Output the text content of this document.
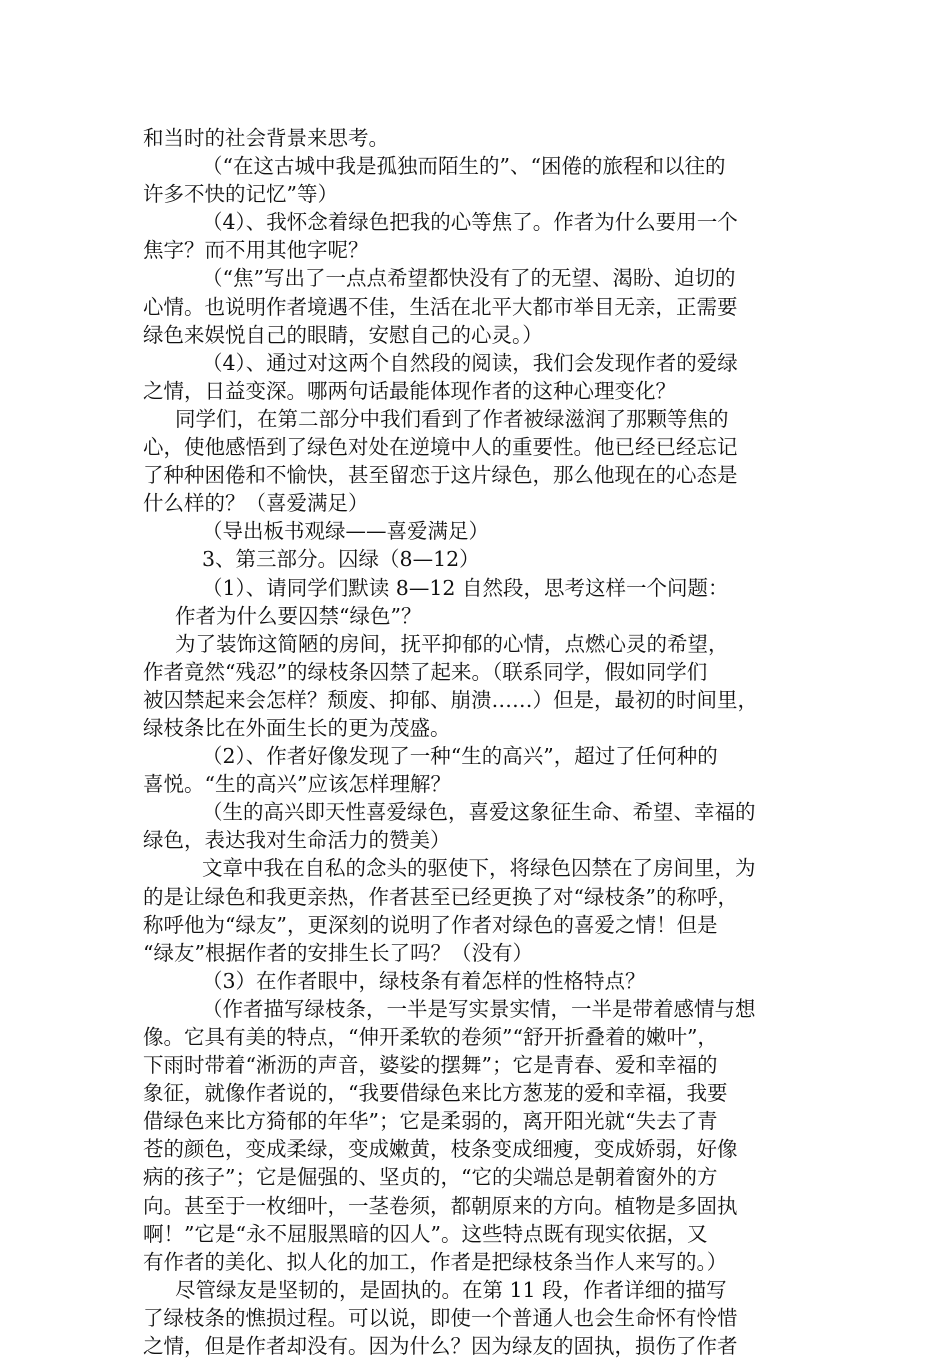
和当时的社会背景来思考。
（“在这古城中我是孤独而陌生的”、“困倦的旅程和以往的
许多不快的记忆”等）
（4）、我怀念着绿色把我的心等焦了。作者为什么要用一个
焦字？而不用其他字呢？
（“焦”写出了一点点希望都快没有了的无望、渴盼、迫切的
心情。也说明作者境遇不佳，生活在北平大都市举目无亲，正需要
绿色来娱悦自己的眼睛，安慰自己的心灵。）
（4）、通过对这两个自然段的阅读，我们会发现作者的爱绿
之情，日益变深。哪两句话最能体现作者的这种心理变化？
同学们，在第二部分中我们看到了作者被绿滋润了那颗等焦的
心，使他感悟到了绿色对处在逆境中人的重要性。他已经已经忘记
了种种困倦和不愉快，甚至留恋于这片绿色，那么他现在的心态是
什么样的？（喜爱满足）
（导出板书观绿——喜爱满足）
3、第三部分。囚绿（8—12）
（1）、请同学们默读 8—12 自然段，思考这样一个问题：
作者为什么要囚禁“绿色”？
为了装饰这简陋的房间，抚平抑郁的心情，点燃心灵的希望，
作者竟然“残忍”的绿枝条囚禁了起来。（联系同学，假如同学们
被囚禁起来会怎样？颓废、抑郁、崩溃……）但是，最初的时间里，
绿枝条比在外面生长的更为茂盛。
（2）、作者好像发现了一种“生的高兴”，超过了任何种的
喜悦。“生的高兴”应该怎样理解？
（生的高兴即天性喜爱绿色，喜爱这象征生命、希望、幸福的
绿色，表达我对生命活力的赞美）
文章中我在自私的念头的驱使下，将绿色囚禁在了房间里，为
的是让绿色和我更亲热，作者甚至已经更换了对“绿枝条”的称呼，
称呼他为“绿友”，更深刻的说明了作者对绿色的喜爱之情！但是
“绿友”根据作者的安排生长了吗？（没有）
（3）在作者眼中，绿枝条有着怎样的性格特点？
（作者描写绿枝条，一半是写实景实情，一半是带着感情与想
像。它具有美的特点，“伸开柔软的卷须”“舒开折叠着的嫩叶”，
下雨时带着“淅沥的声音，婆娑的摆舞”；它是青春、爱和幸福的
象征，就像作者说的，“我要借绿色来比方葱茏的爱和幸福，我要
借绿色来比方猗郁的年华”；它是柔弱的，离开阳光就“失去了青
苍的颜色，变成柔绿，变成嫩黄，枝条变成细瘦，变成娇弱，好像
病的孩子”；它是倔强的、坚贞的，“它的尖端总是朝着窗外的方
向。甚至于一枚细叶，一茎卷须，都朝原来的方向。植物是多固执
啊！”它是“永不屈服黑暗的囚人”。这些特点既有现实依据，又
有作者的美化、拟人化的加工，作者是把绿枝条当作人来写的。）
尽管绿友是坚韧的，是固执的。在第 11 段，作者详细的描写
了绿枝条的憔损过程。可以说，即使一个普通人也会生命怀有怜惜
之情，但是作者却没有。因为什么？因为绿友的固执，损伤了作者
